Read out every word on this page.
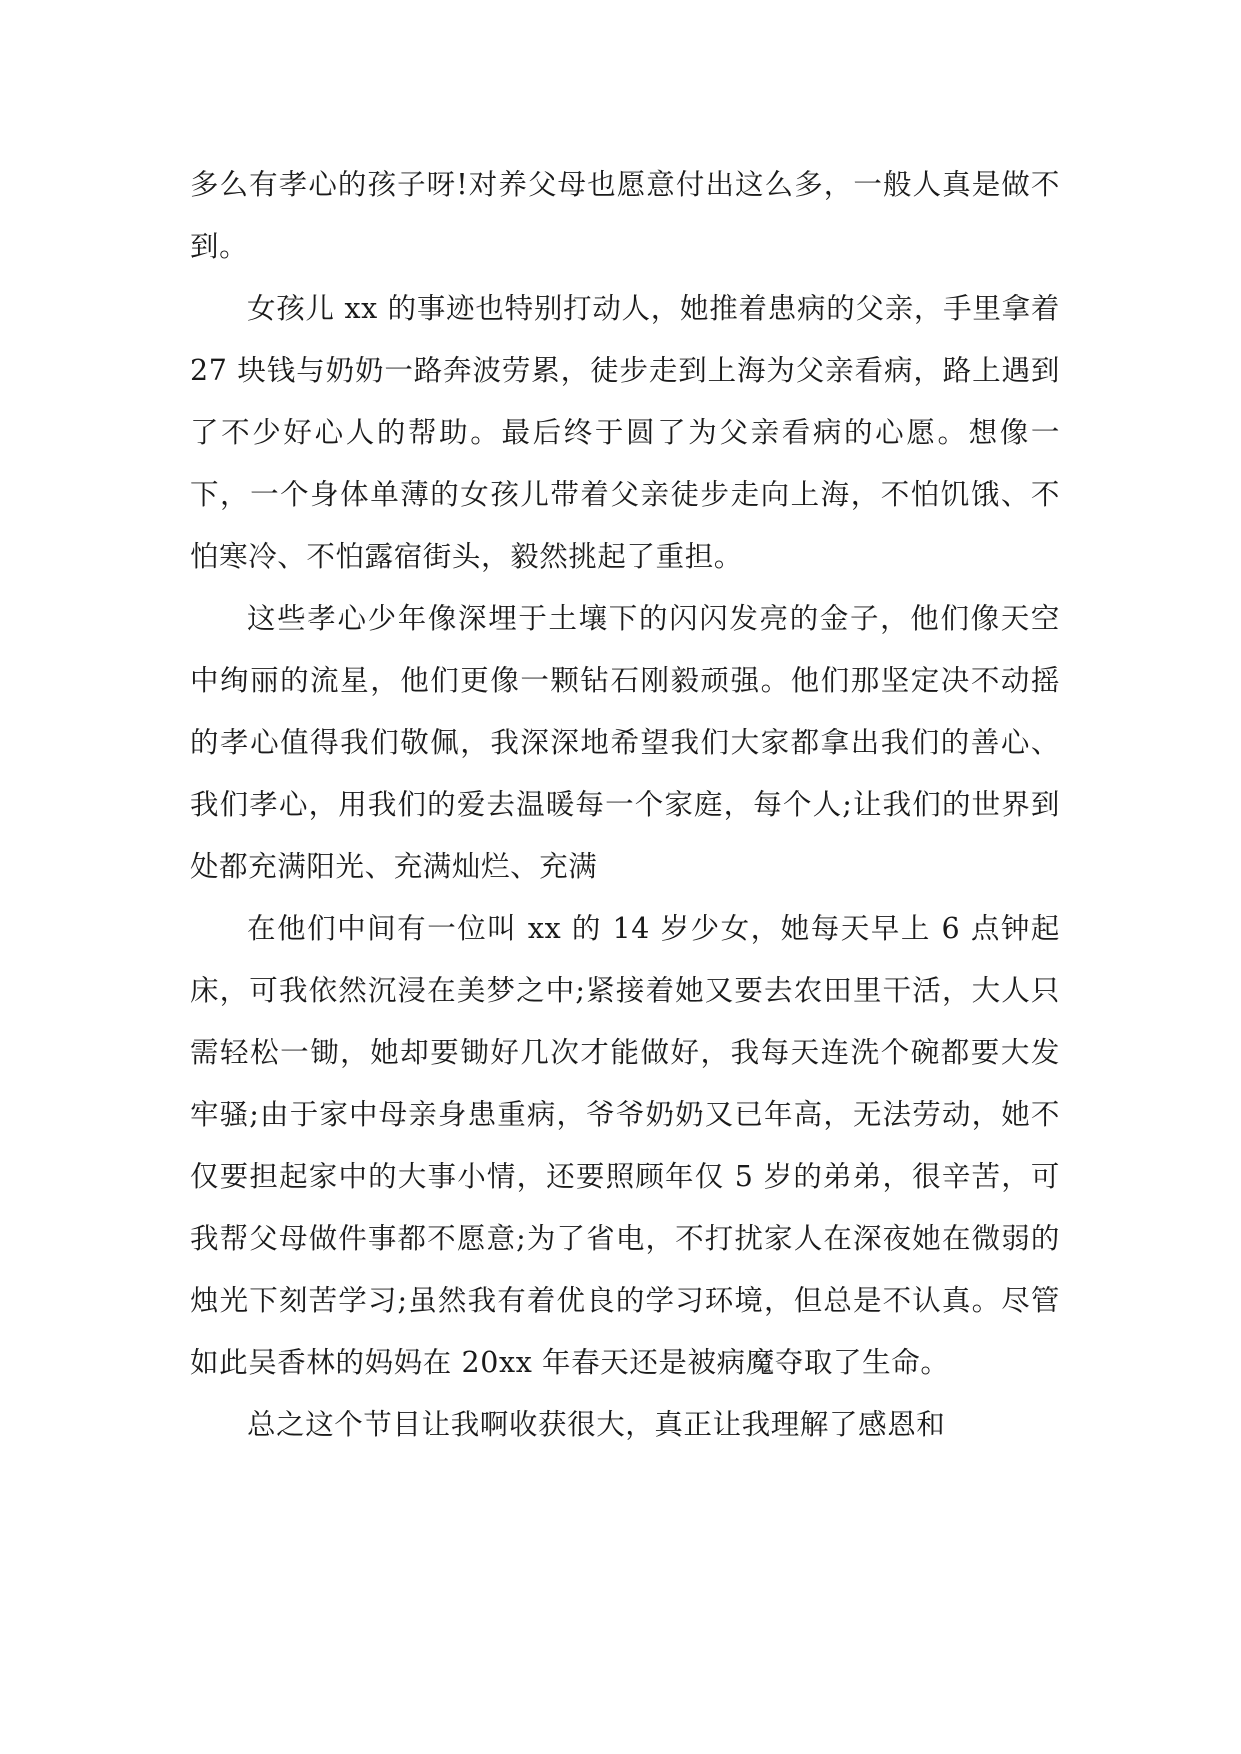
多么有孝心的孩子呀!对养父母也愿意付出这么多，一般人真是做不到。

女孩儿 xx 的事迹也特别打动人，她推着患病的父亲，手里拿着 27 块钱与奶奶一路奔波劳累，徒步走到上海为父亲看病，路上遇到了不少好心人的帮助。最后终于圆了为父亲看病的心愿。想像一下，一个身体单薄的女孩儿带着父亲徒步走向上海，不怕饥饿、不怕寒冷、不怕露宿街头，毅然挑起了重担。

这些孝心少年像深埋于土壤下的闪闪发亮的金子，他们像天空中绚丽的流星，他们更像一颗钻石刚毅顽强。他们那坚定决不动摇的孝心值得我们敬佩，我深深地希望我们大家都拿出我们的善心、我们孝心，用我们的爱去温暖每一个家庭，每个人;让我们的世界到处都充满阳光、充满灿烂、充满

在他们中间有一位叫 xx 的 14 岁少女，她每天早上 6 点钟起床，可我依然沉浸在美梦之中;紧接着她又要去农田里干活，大人只需轻松一锄，她却要锄好几次才能做好，我每天连洗个碗都要大发牢骚;由于家中母亲身患重病，爷爷奶奶又已年高，无法劳动，她不仅要担起家中的大事小情，还要照顾年仅 5 岁的弟弟，很辛苦，可我帮父母做件事都不愿意;为了省电，不打扰家人在深夜她在微弱的烛光下刻苦学习;虽然我有着优良的学习环境，但总是不认真。尽管如此吴香林的妈妈在 20xx 年春天还是被病魔夺取了生命。

总之这个节目让我啊收获很大，真正让我理解了感恩和
